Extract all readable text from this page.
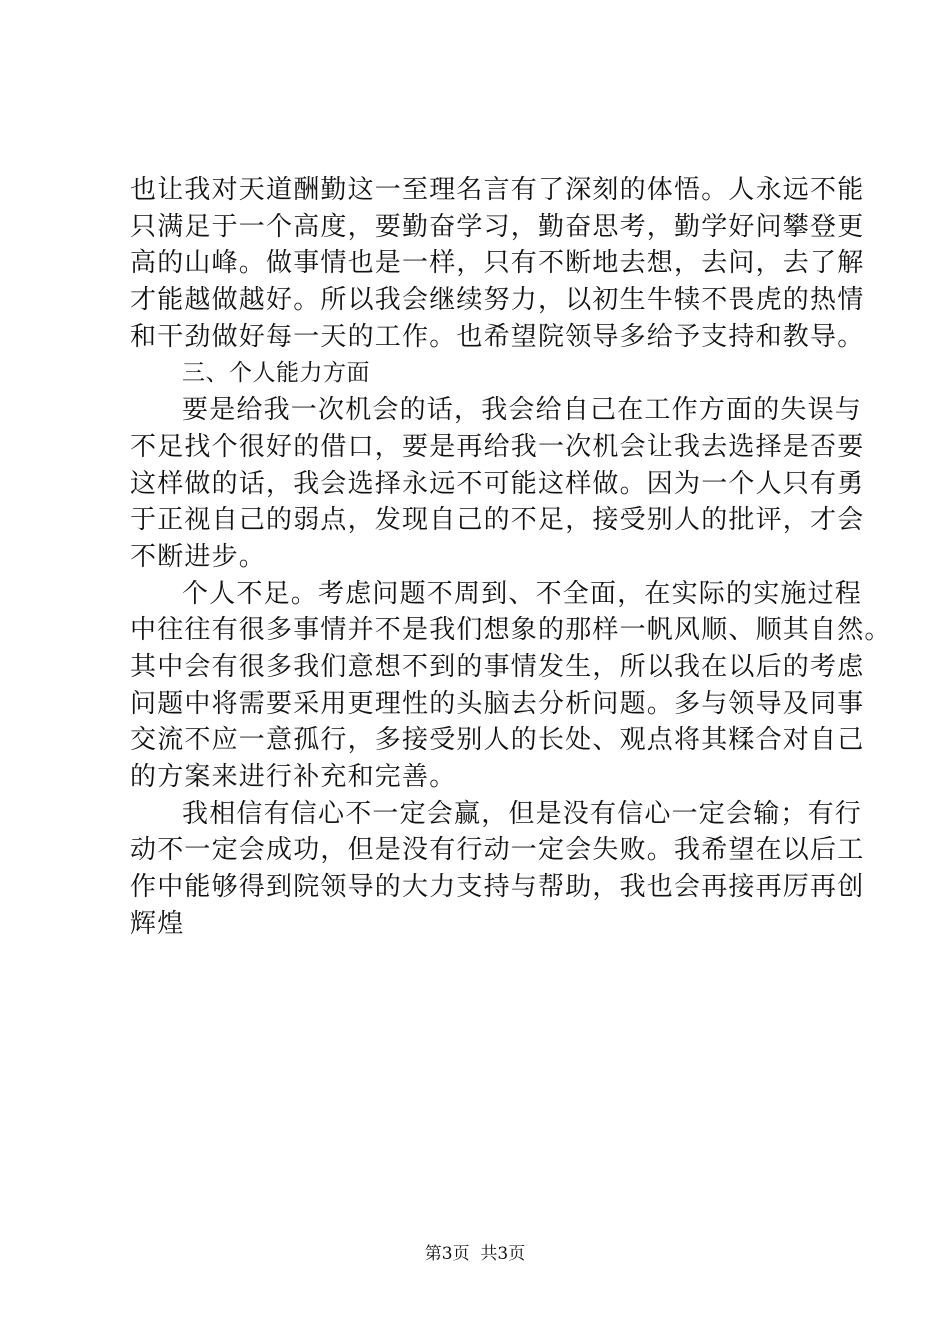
也让我对天道酬勤这一至理名言有了深刻的体悟。人永远不能
只满足于一个高度，要勤奋学习，勤奋思考，勤学好问攀登更
高的山峰。做事情也是一样，只有不断地去想，去问，去了解
才能越做越好。所以我会继续努力，以初生牛犊不畏虎的热情
和干劲做好每一天的工作。也希望院领导多给予支持和教导。
三、个人能力方面
要是给我一次机会的话，我会给自己在工作方面的失误与
不足找个很好的借口，要是再给我一次机会让我去选择是否要
这样做的话，我会选择永远不可能这样做。因为一个人只有勇
于正视自己的弱点，发现自己的不足，接受别人的批评，才会
不断进步。
个人不足。考虑问题不周到、不全面，在实际的实施过程
中往往有很多事情并不是我们想象的那样一帆风顺、顺其自然。
其中会有很多我们意想不到的事情发生，所以我在以后的考虑
问题中将需要采用更理性的头脑去分析问题。多与领导及同事
交流不应一意孤行，多接受别人的长处、观点将其糅合对自己
的方案来进行补充和完善。
我相信有信心不一定会赢，但是没有信心一定会输；有行
动不一定会成功，但是没有行动一定会失败。我希望在以后工
作中能够得到院领导的大力支持与帮助，我也会再接再厉再创
辉煌
第3页  共3页
